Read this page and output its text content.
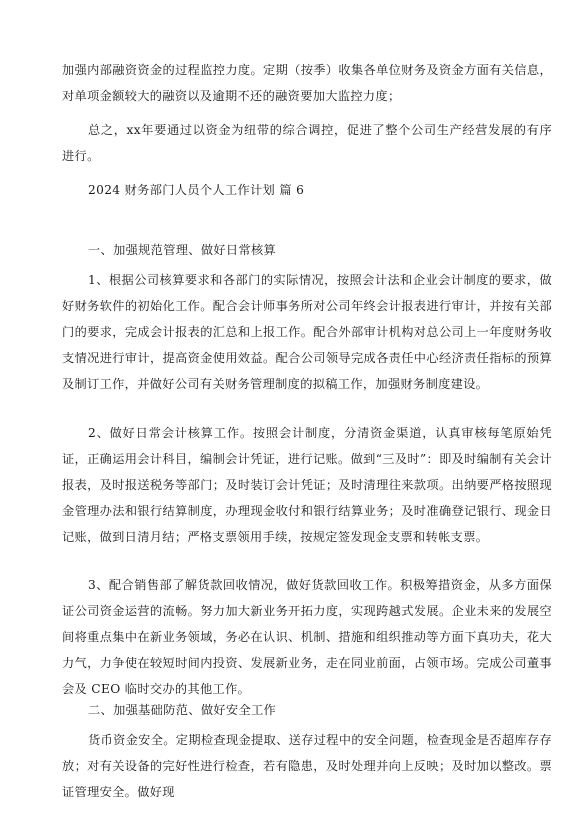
加强内部融资资金的过程监控力度。定期（按季）收集各单位财务及资金方面有关信息，对单项金额较大的融资以及逾期不还的融资要加大监控力度；

总之，xx年要通过以资金为纽带的综合调控，促进了整个公司生产经营发展的有序进行。

2024 财务部门人员个人工作计划 篇 6

一、加强规范管理、做好日常核算

1、根据公司核算要求和各部门的实际情况，按照会计法和企业会计制度的要求，做好财务软件的初始化工作。配合会计师事务所对公司年终会计报表进行审计，并按有关部门的要求，完成会计报表的汇总和上报工作。配合外部审计机构对总公司上一年度财务收支情况进行审计，提高资金使用效益。配合公司领导完成各责任中心经济责任指标的预算及制订工作，并做好公司有关财务管理制度的拟稿工作，加强财务制度建设。

2、做好日常会计核算工作。按照会计制度，分清资金渠道，认真审核每笔原始凭证，正确运用会计科目，编制会计凭证，进行记账。做到“三及时”：即及时编制有关会计报表，及时报送税务等部门；及时装订会计凭证；及时清理往来款项。出纳要严格按照现金管理办法和银行结算制度，办理现金收付和银行结算业务；及时准确登记银行、现金日记账，做到日清月结；严格支票领用手续，按规定签发现金支票和转帐支票。

3、配合销售部了解货款回收情况，做好货款回收工作。积极筹措资金，从多方面保证公司资金运营的流畅。努力加大新业务开拓力度，实现跨越式发展。企业未来的发展空间将重点集中在新业务领域，务必在认识、机制、措施和组织推动等方面下真功夫，花大力气，力争使在较短时间内投资、发展新业务，走在同业前面，占领市场。完成公司董事会及 CEO 临时交办的其他工作。

二、加强基础防范、做好安全工作

货币资金安全。定期检查现金提取、送存过程中的安全问题，检查现金是否超库存存放；对有关设备的完好性进行检查，若有隐患，及时处理并向上反映；及时加以整改。票证管理安全。做好现
